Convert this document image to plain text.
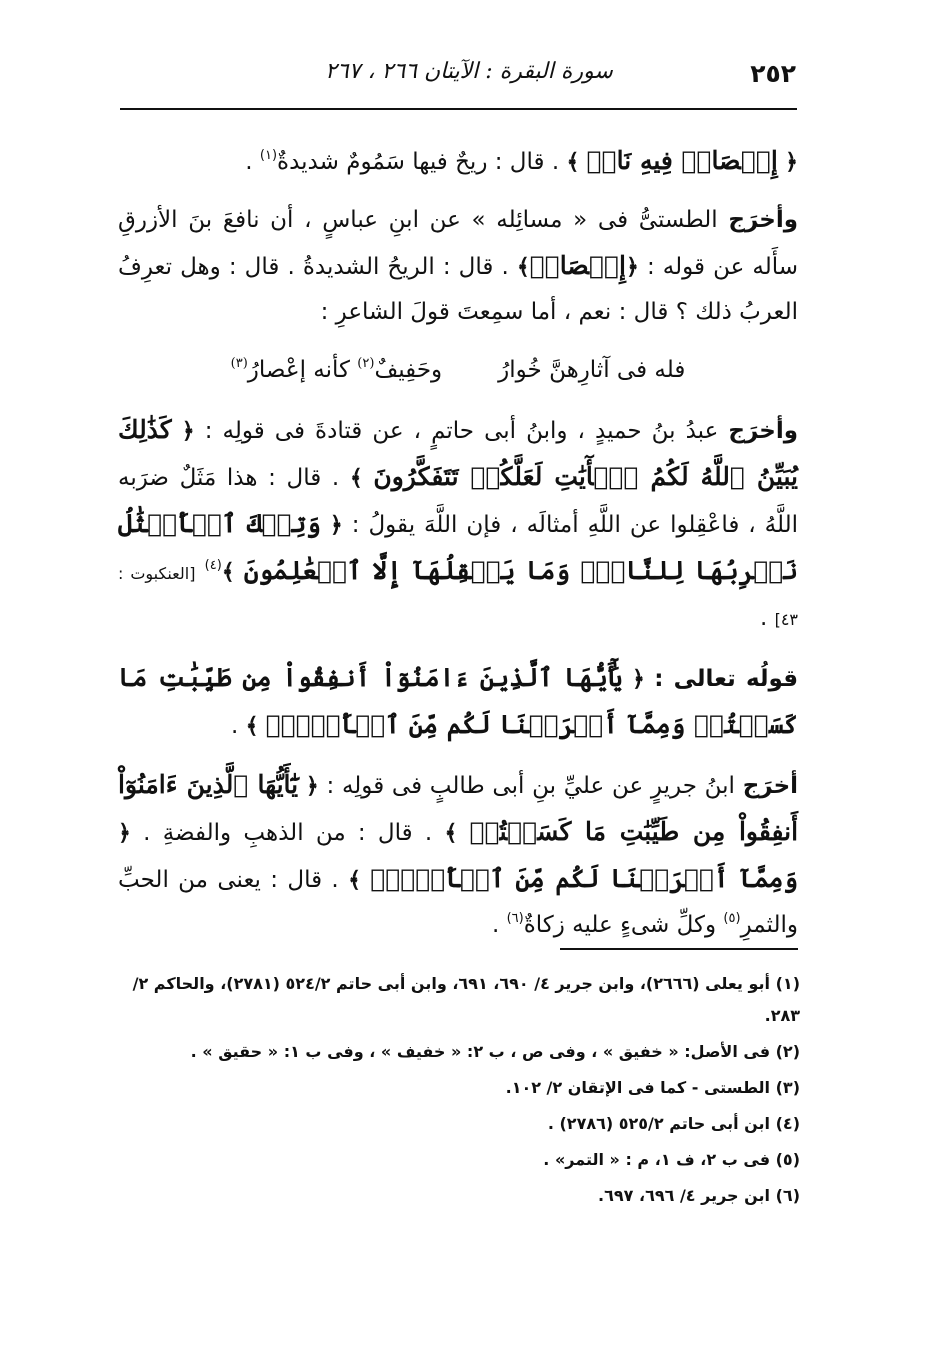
٢٥٢
سورة البقرة : الآيتان ٢٦٦ ، ٢٦٧

﴿ إِعۡصَارٞ فِيهِ نَارٞ ﴾ . قال : ريحٌ فيها سَمُومٌ شديدةٌ$^{(١)}$ .

وأخرَج الطستىُّ فى « مسائِله » عن ابنِ عباسٍ ، أن نافعَ بنَ الأزرقِ سأَله عن قوله : ﴿إِعۡصَارٞ﴾ . قال : الريحُ الشديدةُ . قال : وهل تعرِفُ العربُ ذلك ؟ قال : نعم ، أما سمِعتَ قولَ الشاعرِ :

فله فى آثارِهنَّ خُوارُ
وحَفِيفٌ$^{(٢)}$ كأنه إعْصارُ$^{(٣)}$

وأخرَج عبدُ بنُ حميدٍ ، وابنُ أبى حاتمٍ ، عن قتادةَ فى قولِه : ﴿ كَذَٰلِكَ يُبَيِّنُ ٱللَّهُ لَكُمُ ٱلۡأٓيَٰتِ لَعَلَّكُمۡ تَتَفَكَّرُونَ ﴾ . قال : هذا مَثَلٌ ضرَبه اللَّهُ ، فاعْقِلوا عن اللَّهِ أمثالَه ، فإن اللَّهَ يقولُ : ﴿ وَتِلۡكَ ٱلۡأَمۡثَٰلُ نَضۡرِبُهَا لِلنَّاسِۖ وَمَا يَعۡقِلُهَآ إِلَّا ٱلۡعَٰلِمُونَ ﴾$^{(٤)}$ [العنكبوت : ٤٣] .

قولُه تعالى : ﴿ يَٰٓأَيُّهَا ٱلَّذِينَ ءَامَنُوٓاْ أَنفِقُواْ مِن طَيِّبَٰتِ مَا كَسَبۡتُمۡ وَمِمَّآ أَخۡرَجۡنَا لَكُم مِّنَ ٱلۡأَرۡضِۖ ﴾ .

أخرَج ابنُ جريرٍ عن عليِّ بنِ أبى طالبٍ فى قولِه : ﴿ يَٰٓأَيُّهَا ٱلَّذِينَ ءَامَنُوٓاْ أَنفِقُواْ مِن طَيِّبَٰتِ مَا كَسَبۡتُمۡ ﴾ . قال : من الذهبِ والفضةِ . ﴿ وَمِمَّآ أَخۡرَجۡنَا لَكُم مِّنَ ٱلۡأَرۡضِۖ ﴾ . قال : يعنى من الحبِّ والثمرِ$^{(٥)}$ وكلِّ شىءٍ عليه زكاةٌ$^{(٦)}$ .

(١) أبو يعلى (٢٦٦٦)، وابن جرير ٤/ ٦٩٠، ٦٩١، وابن أبى حاتم ٥٢٤/٢ (٢٧٨١)، والحاكم ٢/ ٢٨٣.

(٢) فى الأصل: « خفيق » ، وفى ص ، ب ٢: « خفيف » ، وفى ب ١: « حقيق » .

(٣) الطستى - كما فى الإتقان ٢/ ١٠٢.

(٤) ابن أبى حاتم ٥٢٥/٢ (٢٧٨٦) .

(٥) فى ب ٢، ف ١، م : « التمر» .

(٦) ابن جرير ٤/ ٦٩٦، ٦٩٧.
